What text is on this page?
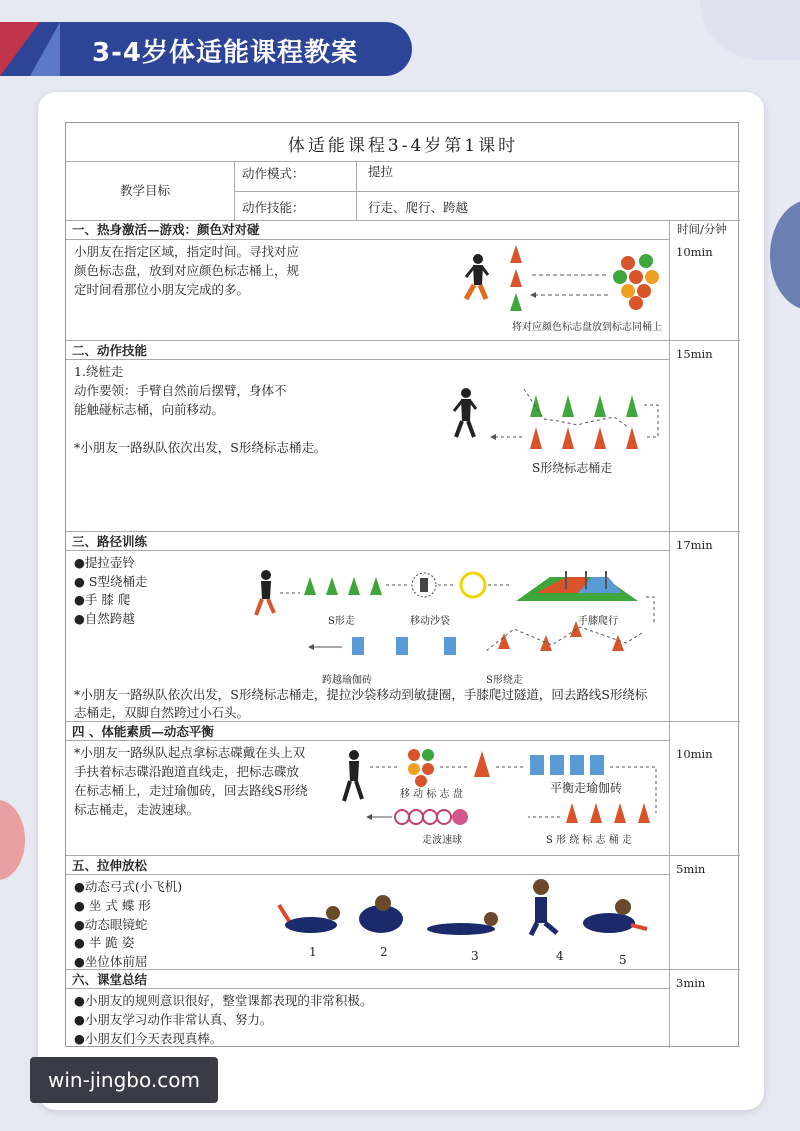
3-4岁体适能课程教案
体适能课程3-4岁第1课时
教学目标
动作模式：	提拉
动作技能：	行走、爬行、跨越
一、热身激活—游戏：颜色对对碰	时间/分钟
10min
小朋友在指定区域，指定时间。寻找对应
颜色标志盘，放到对应颜色标志桶上，规
定时间看那位小朋友完成的多。
将对应颜色标志盘放到标志同桶上
二、动作技能	15min
1.绕桩走
动作要领：手臂自然前后摆臂，身体不
能触碰标志桶，向前移动。
*小朋友一路纵队依次出发，S形绕标志桶走。
S形绕标志桶走
三、路径训练	17min
●提拉壶铃
● S型绕桶走
●手 膝 爬
●自然跨越	S形走	移动沙袋	手膝爬行
跨越瑜伽砖	S形绕走
*小朋友一路纵队依次出发，S形绕标志桶走，提拉沙袋移动到敏捷圈，手膝爬过隧道，回去路线S形绕标
志桶走，双脚自然跨过小石头。
四 、体能素质—动态平衡
10min
*小朋友一路纵队起点拿标志碟戴在头上双
手扶着标志碟沿跑道直线走，把标志碟放
在标志桶上，走过瑜伽砖，回去路线S形绕
标志桶走，走波速球。
移 动 标 志 盘	平衡走瑜伽砖
走波速球	S 形 绕 标 志 桶 走
五、拉伸放松	5min
●动态弓式(小飞机)
● 坐 式 蝶 形
●动态眼镜蛇
● 半 跪 姿
●坐位体前屈
1	2	3	4	5
六、课堂总结	3min
●小朋友的规则意识很好，整堂课都表现的非常积极。
●小朋友学习动作非常认真、努力。
●小朋友们今天表现真棒。
win-jingbo.com
